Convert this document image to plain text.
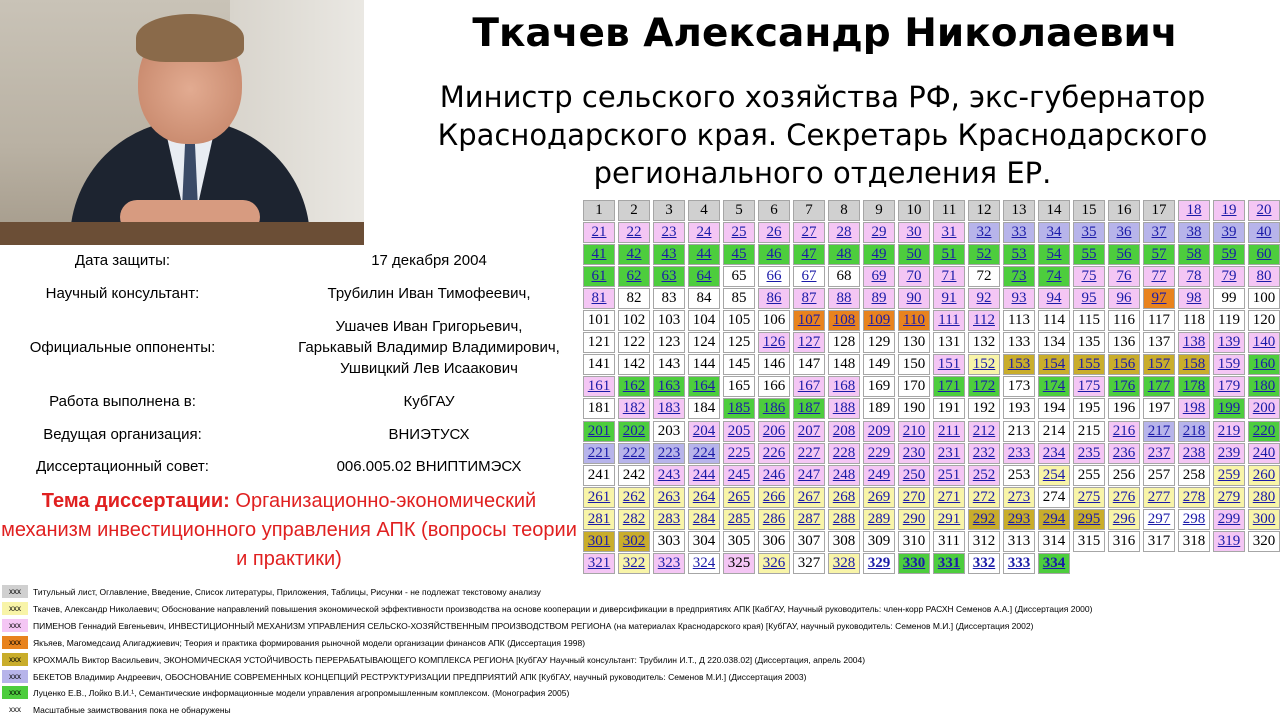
Ткачев Александр Николаевич
Министр сельского хозяйства РФ, экс-губернатор Краснодарского края. Секретарь Краснодарского регионального отделения ЕР.
Дата защиты:	17 декабря 2004
Научный консультант:	Трубилин Иван Тимофеевич,
Официальные оппоненты:
Ушачев Иван Григорьевич,
Гарькавый Владимир Владимирович,
Ушвицкий Лев Исаакович
Работа выполнена в:	КубГАУ
Ведущая организация:	ВНИЭТУСХ
Диссертационный совет:	006.005.02 ВНИПТИМЭСХ
Тема диссертации: Организационно-экономический механизм инвестиционного управления АПК (вопросы теории и практики)
1	2	3	4	5	6	7	8	9	10	11	12	13	14	15	16	17	18	19	20
21	22	23	24	25	26	27	28	29	30	31	32	33	34	35	36	37	38	39	40
41	42	43	44	45	46	47	48	49	50	51	52	53	54	55	56	57	58	59	60
61	62	63	64	65	66	67	68	69	70	71	72	73	74	75	76	77	78	79	80
81	82	83	84	85	86	87	88	89	90	91	92	93	94	95	96	97	98	99	100
101 102 103 104 105 106 107 108 109 110 111 112 113 114 115 116 117 118 119 120
121 122 123 124 125 126 127 128 129 130 131 132 133 134 135 136 137 138 139 140
141 142 143 144 145 146 147 148 149 150 151 152 153 154 155 156 157 158 159 160
161 162 163 164 165 166 167 168 169 170 171 172 173 174 175 176 177 178 179 180
181 182 183 184 185 186 187 188 189 190 191 192 193 194 195 196 197 198 199 200
201 202 203 204 205 206 207 208 209 210 211 212 213 214 215 216 217 218 219 220
221 222 223 224 225 226 227 228 229 230 231 232 233 234 235 236 237 238 239 240
241 242 243 244 245 246 247 248 249 250 251 252 253 254 255 256 257 258 259 260
261 262 263 264 265 266 267 268 269 270 271 272 273 274 275 276 277 278 279 280
281 282 283 284 285 286 287 288 289 290 291 292 293 294 295 296 297 298 299 300
301 302 303 304 305 306 307 308 309 310 311 312 313 314 315 316 317 318 319 320
321 322 323 324 325 326 327 328 329 330 331 332 333 334
xxx	Титульный лист, Оглавление, Введение, Список литературы, Приложения, Таблицы, Рисунки - не подлежат текстовому анализу
xxx	Ткачев, Александр Николаевич; Обоснование направлений повышения экономической эффективности производства на основе кооперации и диверсификации в предприятиях АПК [КабГАУ, Научный руководитель: член-корр РАСХН Семенов А.А.] (Диссертация 2000)
xxx	ПИМЕНОВ Геннадий Евгеньевич, ИНВЕСТИЦИОННЫЙ МЕХАНИЗМ УПРАВЛЕНИЯ СЕЛЬСКО-ХОЗЯЙСТВЕННЫМ ПРОИЗВОДСТВОМ РЕГИОНА (на материалах Краснодарского края) [КубГАУ, научный руководитель: Семенов М.И.] (Диссертация 2002)
xxx	Якъяев, Магомедсаид Алигаджиевич; Теория и практика формирования рыночной модели организации финансов АПК (Диссертация 1998)
xxx	КРОХМАЛЬ Виктор Васильевич, ЭКОНОМИЧЕСКАЯ УСТОЙЧИВОСТЬ ПЕРЕРАБАТЫВАЮЩЕГО КОМПЛЕКСА РЕГИОНА [КубГАУ Научный консультант: Трубилин И.Т., Д 220.038.02] (Диссертация, апрель 2004)
xxx	БЕКЕТОВ Владимир Андреевич, ОБОСНОВАНИЕ СОВРЕМЕННЫХ КОНЦЕПЦИЙ РЕСТРУКТУРИЗАЦИИ ПРЕДПРИЯТИЙ АПК [КубГАУ, научный руководитель: Семенов М.И.] (Диссертация 2003)
xxx	Луценко Е.В., Лойко В.И.¹, Семантические информационные модели управления агропромышленным комплексом. (Монография 2005)
xxx	Масштабные заимствования пока не обнаружены
